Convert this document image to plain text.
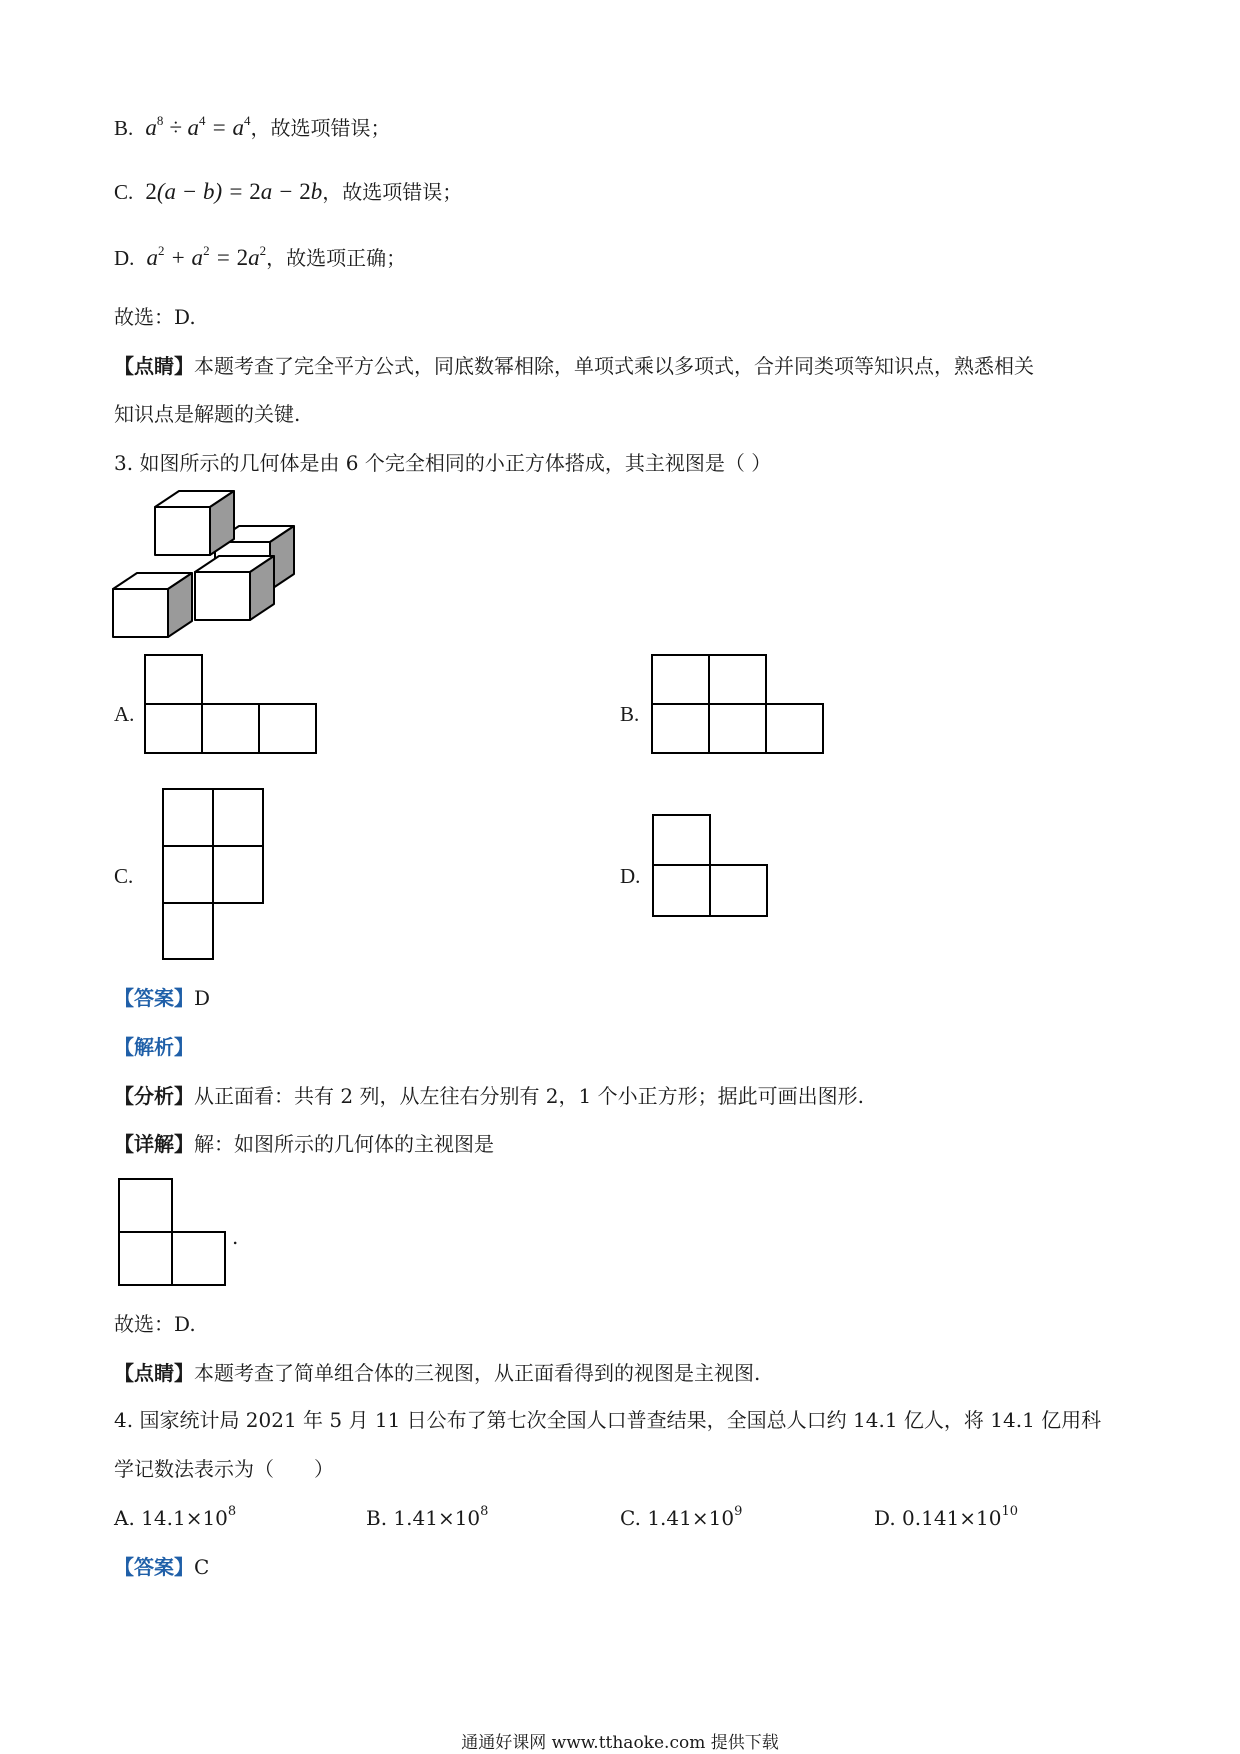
B.  $a^8 \div a^4 = a^4$，故选项错误；
C. 2(a − b) = 2a − 2b，故选项错误；
D.  $a^2 + a^2 = 2a^2$，故选项正确；
故选：D.
【点睛】本题考查了完全平方公式，同底数幂相除，单项式乘以多项式，合并同类项等知识点，熟悉相关
知识点是解题的关键.
3. 如图所示的几何体是由 6 个完全相同的小正方体搭成，其主视图是（ ）
A.	B.
C.	D.
【答案】D
【解析】
【分析】从正面看：共有 2 列，从左往右分别有 2，1 个小正方形；据此可画出图形.
【详解】解：如图所示的几何体的主视图是
.
故选：D.
【点睛】本题考查了简单组合体的三视图，从正面看得到的视图是主视图.
4. 国家统计局 2021 年 5 月 11 日公布了第七次全国人口普查结果，全国总人口约 14.1 亿人，将 14.1 亿用科
学记数法表示为（　　）
A. $14.1\times 10^8$	B. $1.41\times 10^8$	C. $1.41\times 10^9$	D. $0.141\times 10^{10}$
【答案】C
通通好课网 www.tthaoke.com 提供下载
